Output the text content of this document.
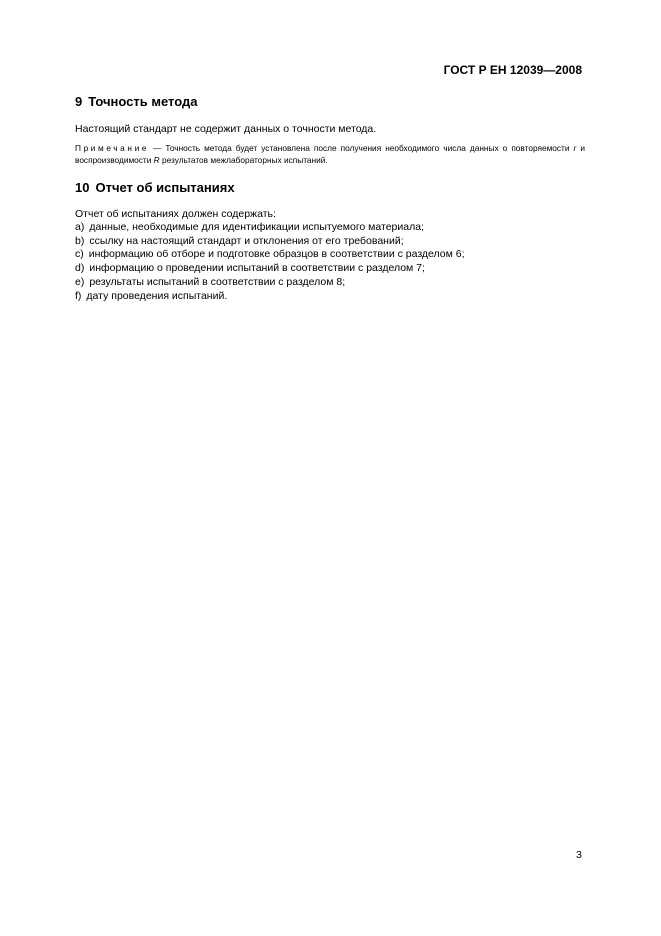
ГОСТ Р ЕН 12039—2008
9 Точность метода
Настоящий стандарт не содержит данных о точности метода.
Примечание — Точность метода будет установлена после получения необходимого числа данных о повторяемости r и воспроизводимости R результатов межлабораторных испытаний.
10 Отчет об испытаниях
Отчет об испытаниях должен содержать:
a) данные, необходимые для идентификации испытуемого материала;
b) ссылку на настоящий стандарт и отклонения от его требований;
c) информацию об отборе и подготовке образцов в соответствии с разделом 6;
d) информацию о проведении испытаний в соответствии с разделом 7;
e) результаты испытаний в соответствии с разделом 8;
f) дату проведения испытаний.
3
